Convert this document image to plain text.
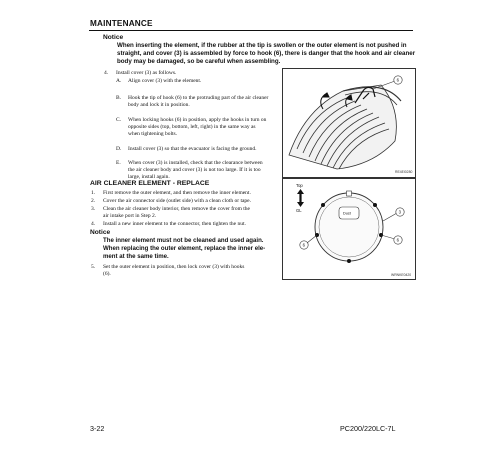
MAINTENANCE
Notice
When inserting the element, if the rubber at the tip is swollen or the outer element is not pushed in
straight, and cover (3) is assembled by force to hook (6), there is danger that the hook and air cleaner
body may be damaged, so be careful when assembling.
4. Install cover (3) as follows.
A. Align cover (3) with the element.
B. Hook the tip of hook (6) to the protruding part of the air cleaner
body and lock it in position.
C. When locking hooks (6) in position, apply the hooks in turn on
opposite sides (top, bottom, left, right) in the same way as
when tightening bolts.
D. Install cover (3) so that the evacuator is facing the ground.
E. When cover (3) is installed, check that the clearance between
the air cleaner body and cover (3) is not too large. If it is too
large, install again.
6
RE4EI0280
AIR CLEANER ELEMENT - REPLACE
1. First remove the outer element, and then remove the inner element.
2. Cover the air connector side (outlet side) with a clean cloth or tape.
3. Clean the air cleaner body interior, then remove the cover from the
air intake port in Step 2.
4. Install a new inner element to the connector, then tighten the nut.
Notice
The inner element must not be cleaned and used again.
When replacing the outer element, replace the inner ele-
ment at the same time.
5. Set the outer element in position, then lock cover (3) with hooks
(6).
Top
GL
Dust	3
6
6
WRNKE0420
3-22	PC200/220LC-7L
